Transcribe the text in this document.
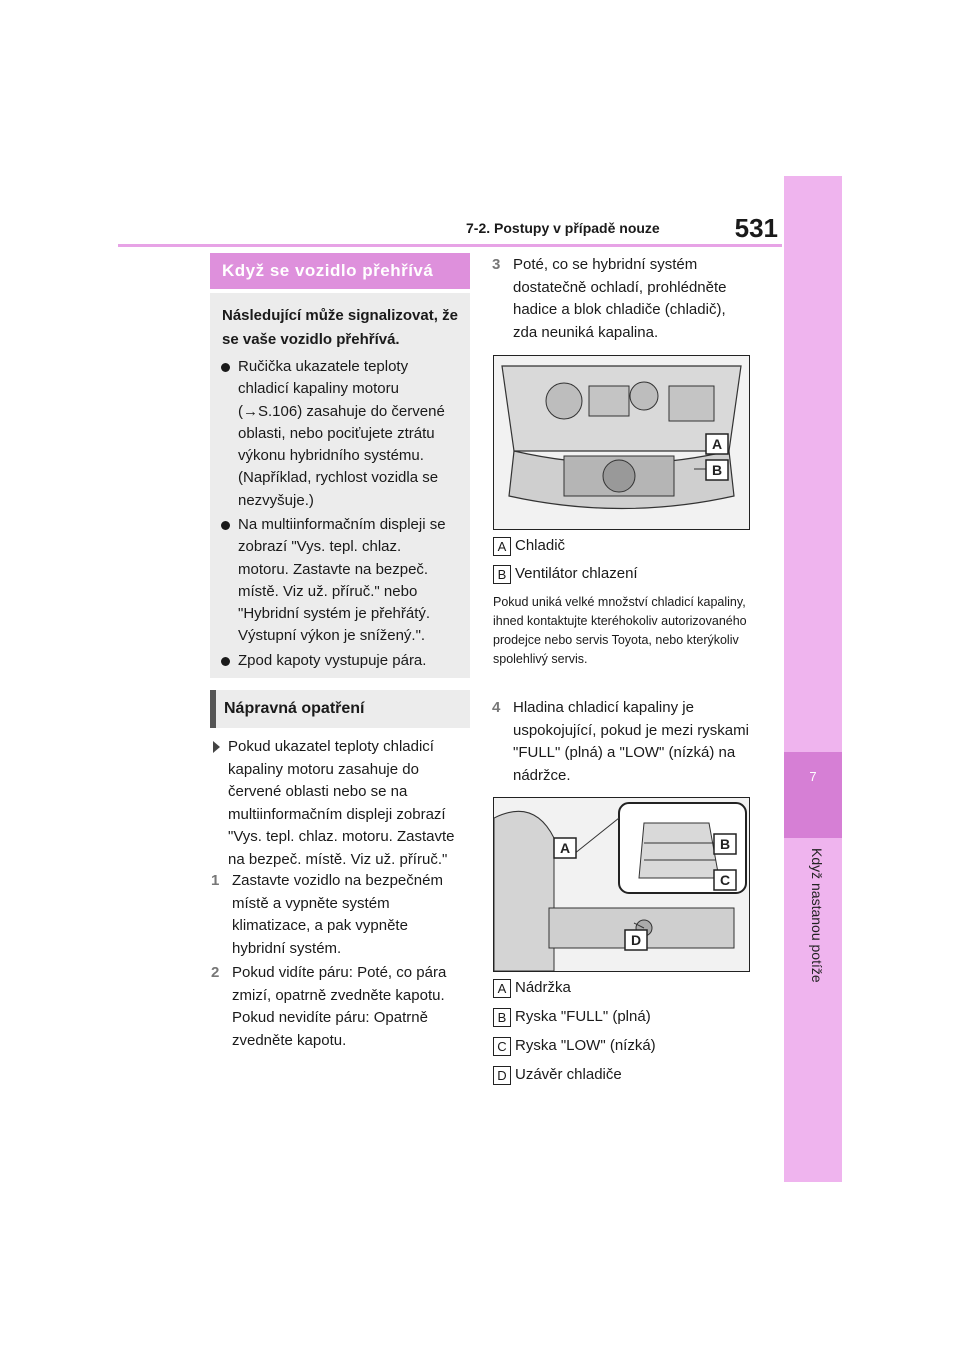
7-2. Postupy v případě nouze	531
7
Když nastanou potíže
Když se vozidlo přehřívá
Následující může signalizovat, že se vaše vozidlo přehřívá.
Ručička ukazatele teploty chladicí kapaliny motoru (→S.106) zasahuje do červené oblasti, nebo pociťujete ztrátu výkonu hybridního systému. (Například, rychlost vozidla se nezvyšuje.)
Na multiinformačním displeji se zobrazí "Vys. tepl. chlaz. motoru. Zastavte na bezpeč. místě. Viz už. příruč." nebo "Hybridní systém je přehřátý. Výstupní výkon je snížený.".
Zpod kapoty vystupuje pára.
Nápravná opatření
Pokud ukazatel teploty chladicí kapaliny motoru zasahuje do červené oblasti nebo se na multiinformačním displeji zobrazí "Vys. tepl. chlaz. motoru. Zastavte na bezpeč. místě. Viz už. příruč."
1 Zastavte vozidlo na bezpečném místě a vypněte systém klimatizace, a pak vypněte hybridní systém.
2 Pokud vidíte páru: Poté, co pára zmizí, opatrně zvedněte kapotu. Pokud nevidíte páru: Opatrně zvedněte kapotu.
3 Poté, co se hybridní systém dostatečně ochladí, prohlédněte hadice a blok chladiče (chladič), zda neuniká kapalina.
A
B
A Chladič
B Ventilátor chlazení
Pokud uniká velké množství chladicí kapaliny, ihned kontaktujte kteréhokoliv autorizovaného prodejce nebo servis Toyota, nebo kterýkoliv spolehlivý servis.
4 Hladina chladicí kapaliny je uspokojující, pokud je mezi ryskami "FULL" (plná) a "LOW" (nízká) na nádržce.
A	B
C
D
A Nádržka
B Ryska "FULL" (plná)
C Ryska "LOW" (nízká)
D Uzávěr chladiče
